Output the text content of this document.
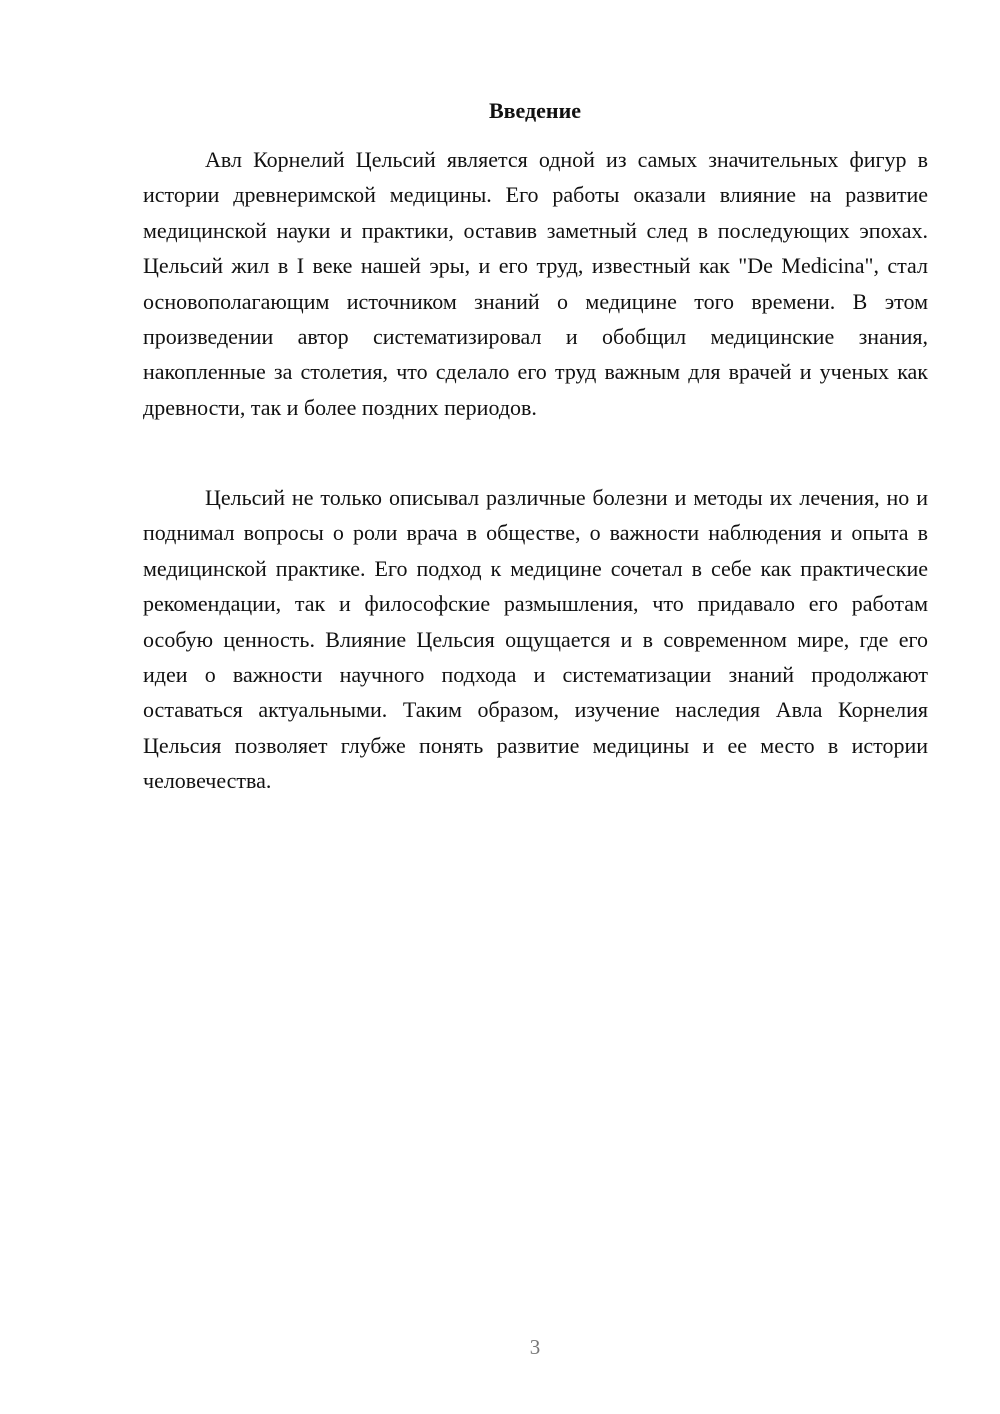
Введение

Авл Корнелий Цельсий является одной из самых значительных фигур в истории древнеримской медицины. Его работы оказали влияние на развитие медицинской науки и практики, оставив заметный след в последующих эпохах. Цельсий жил в I веке нашей эры, и его труд, известный как "De Medicina", стал основополагающим источником знаний о медицине того времени. В этом произведении автор систематизировал и обобщил медицинские знания, накопленные за столетия, что сделало его труд важным для врачей и ученых как древности, так и более поздних периодов.

Цельсий не только описывал различные болезни и методы их лечения, но и поднимал вопросы о роли врача в обществе, о важности наблюдения и опыта в медицинской практике. Его подход к медицине сочетал в себе как практические рекомендации, так и философские размышления, что придавало его работам особую ценность. Влияние Цельсия ощущается и в современном мире, где его идеи о важности научного подхода и систематизации знаний продолжают оставаться актуальными. Таким образом, изучение наследия Авла Корнелия Цельсия позволяет глубже понять развитие медицины и ее место в истории человечества.

3
